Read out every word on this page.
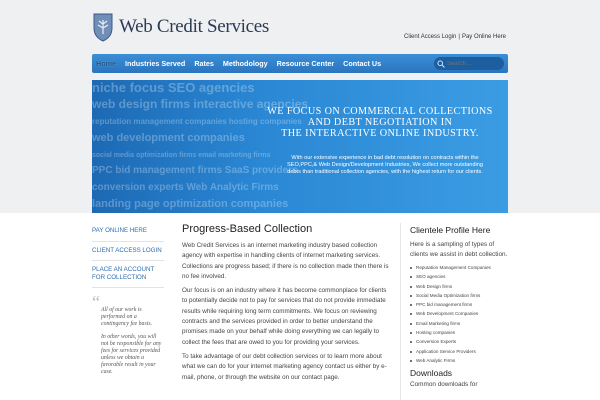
Web Credit Services	Client Access Login | Pay Online Here
Home Industries Served Rates Methodology Resource Center Contact Us
Search...
niche focus SEO agencies
web design firms interactive agencies
reputation management companies hosting companies
web development companies
social media optimization firms email marketing firms
PPC bid management firms SaaS providers
conversion experts Web Analytic Firms
landing page optimization companies
WE FOCUS ON COMMERCIAL COLLECTIONS
AND DEBT NEGOTIATION IN
THE INTERACTIVE ONLINE INDUSTRY.
With our extensive experience in bad debt resolution on contracts within the SEO,PPC,& Web Design/Development Industries, We collect more outstanding debts than traditional collection agencies, with the highest return for our clients.
PAY ONLINE HERE
CLIENT ACCESS LOGIN
PLACE AN ACCOUNT FOR COLLECTION
“ All of our work is performed on a contingency fee basis.

In other words, you will not be responsible for any fees for services provided unless we obtain a favorable result in your case.

Progress-Based Collection

Web Credit Services is an internet marketing industry based collection agency with expertise in handling clients of internet marketing services. Collections are progress based; if there is no collection made then there is no fee involved.

Our focus is on an industry where it has become commonplace for clients to potentially decide not to pay for services that do not provide immediate results while requiring long term commitments. We focus on reviewing contracts and the services provided in order to better understand the promises made on your behalf while doing everything we can legally to collect the fees that are owed to you for providing your services.

To take advantage of our debt collection services or to learn more about what we can do for your internet marketing agency contact us either by e-mail, phone, or through the website on our contact page.

Clientele Profile Here
Here is a sampling of types of clients we assist in debt collection.
Reputation Management Companies
SEO agencies
Web Design firms
Social Media Optimization firms
PPC bid management firms
Web Development Companies
Email Marketing firms
Hosting companies
Conversion Experts
Application Service Providers
Web Analytic Firms
Downloads
Common downloads for
